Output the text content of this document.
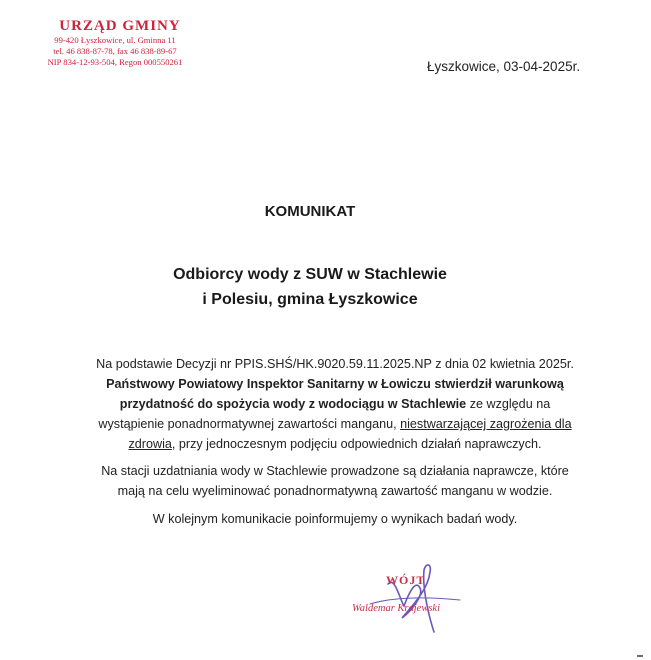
URZĄD GMINY
99-420 Łyszkowice, ul. Gminna 11
tel. 46 838-87-78, fax 46 838-89-67
NIP 834-12-93-504, Regon 000550261	Łyszkowice, 03-04-2025r.
KOMUNIKAT
Odbiorcy wody z SUW w Stachlewie
i Polesiu, gmina Łyszkowice
Na podstawie Decyzji nr PPIS.SHŚ/HK.9020.59.11.2025.NP z dnia 02 kwietnia 2025r. Państwowy Powiatowy Inspektor Sanitarny w Łowiczu stwierdził warunkową przydatność do spożycia wody z wodociągu w Stachlewie ze względu na wystąpienie ponadnormatywnej zawartości manganu, niestwarzającej zagrożenia dla zdrowia, przy jednoczesnym podjęciu odpowiednich działań naprawczych.
Na stacji uzdatniania wody w Stachlewie prowadzone są działania naprawcze, które mają na celu wyeliminować ponadnormatywną zawartość manganu w wodzie.
W kolejnym komunikacie poinformujemy o wynikach badań wody.
WÓJT
Waldemar Krajewski
